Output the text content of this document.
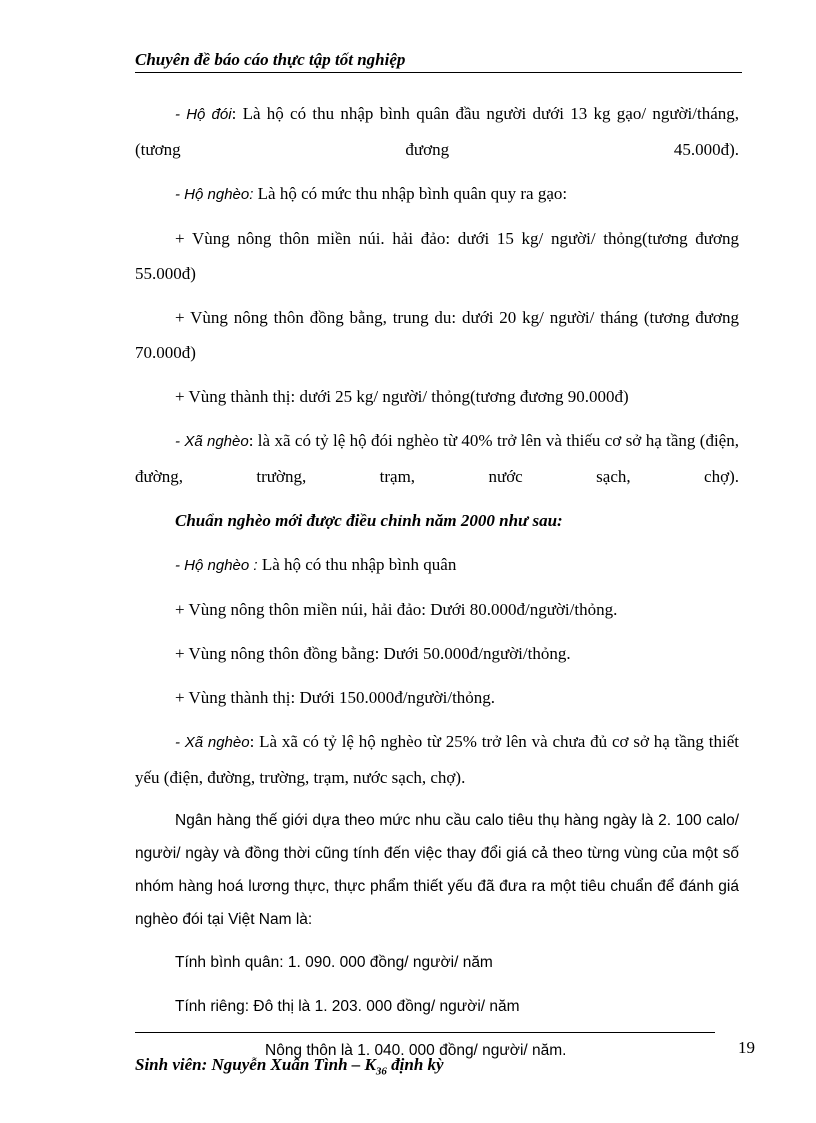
Chuyên đề báo cáo thực tập tốt nghiệp

- Hộ đói: Là hộ có thu nhập bình quân đầu người dưới 13 kg gạo/ người/tháng, (tương đương 45.000đ).

- Hộ nghèo: Là hộ có mức thu nhập bình quân quy ra gạo:

+ Vùng nông thôn miền núi. hải đảo: dưới 15 kg/ người/ thỏng(tương đương 55.000đ)

+ Vùng nông thôn đồng bằng, trung du: dưới 20 kg/ người/ tháng (tương đương 70.000đ)

+ Vùng thành thị: dưới 25 kg/ người/ thỏng(tương đương 90.000đ)

- Xã nghèo: là xã có tỷ lệ hộ đói nghèo từ 40% trở lên và thiếu cơ sở hạ tầng (điện, đường, trường, trạm, nước sạch, chợ).

Chuẩn nghèo mới được điều chỉnh năm 2000 như sau:

- Hộ nghèo : Là hộ có thu nhập bình quân

+ Vùng nông thôn miền núi, hải đảo: Dưới 80.000đ/người/thỏng.

+ Vùng nông thôn đồng bằng: Dưới 50.000đ/người/thỏng.

+ Vùng thành thị: Dưới 150.000đ/người/thỏng.

- Xã nghèo: Là xã có tỷ lệ hộ nghèo từ 25% trở lên và chưa đủ cơ sở hạ tầng thiết yếu (điện, đường, trường, trạm, nước sạch, chợ).

Ngân hàng thế giới dựa theo mức nhu cầu calo tiêu thụ hàng ngày là 2. 100 calo/ người/ ngày và đồng thời cũng tính đến việc thay đổi giá cả theo từng vùng của một số nhóm hàng hoá lương thực, thực phẩm thiết yếu đã đưa ra một tiêu chuẩn để đánh giá nghèo đói tại Việt Nam là:

Tính bình quân: 1. 090. 000 đồng/ người/ năm

Tính riêng: Đô thị là 1. 203. 000 đồng/ người/ năm

Nông thôn là 1. 040. 000 đồng/ người/ năm.	19
Sinh viên: Nguyễn Xuân Tình – $K_{36}$ định kỳ
